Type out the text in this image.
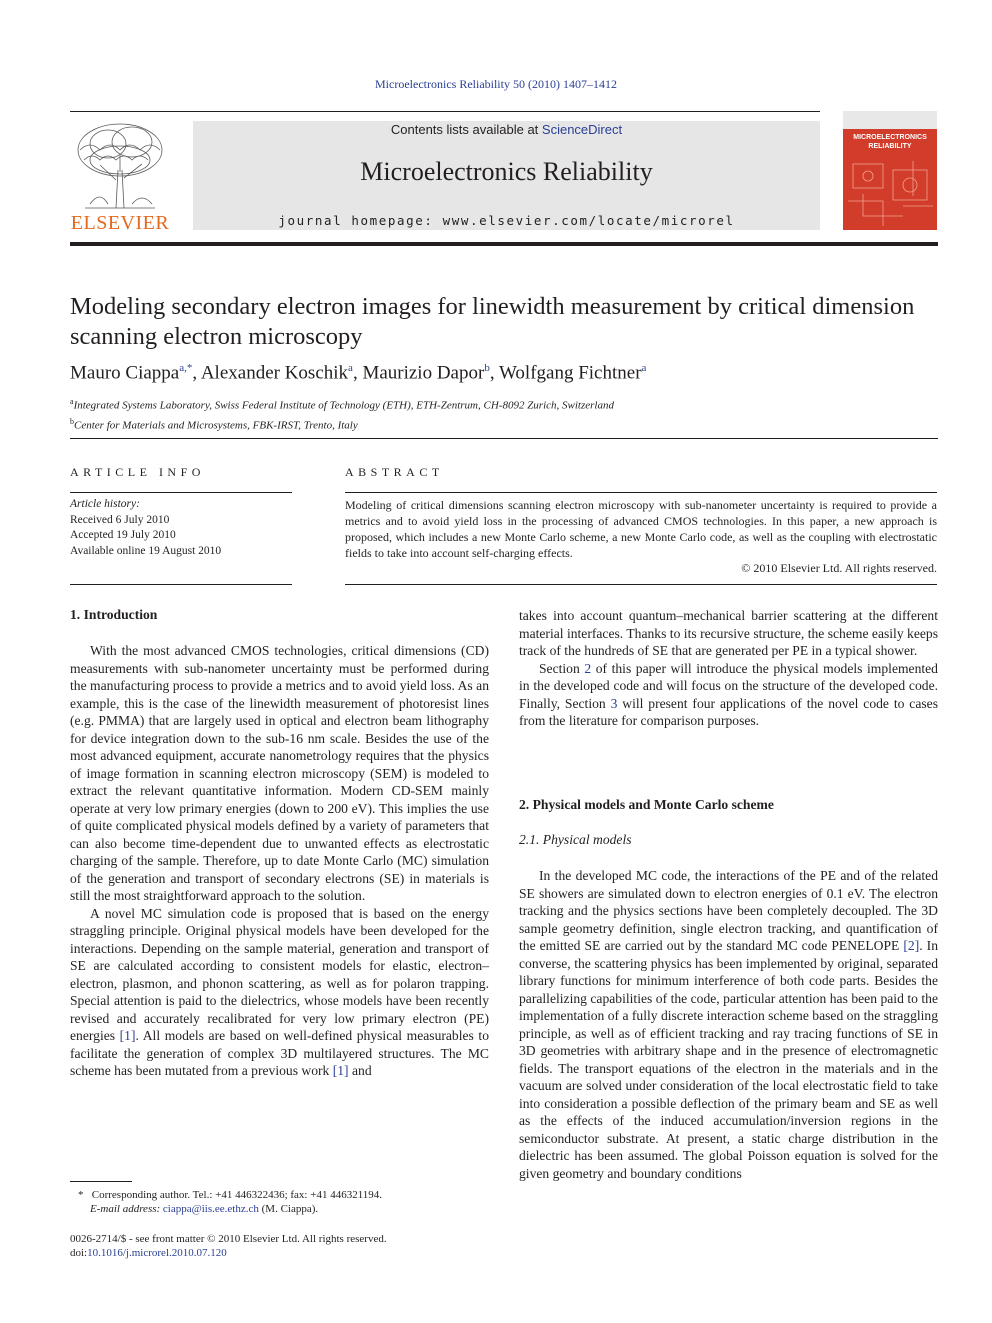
Microelectronics Reliability 50 (2010) 1407–1412
ELSEVIER
Contents lists available at ScienceDirect
Microelectronics Reliability
journal homepage: www.elsevier.com/locate/microrel
MICROELECTRONICS
RELIABILITY
Modeling secondary electron images for linewidth measurement by critical dimension scanning electron microscopy
Mauro Ciappa$^{a,*}$, Alexander Koschik$^a$, Maurizio Dapor$^b$, Wolfgang Fichtner$^a$
$^a$Integrated Systems Laboratory, Swiss Federal Institute of Technology (ETH), ETH-Zentrum, CH-8092 Zurich, Switzerland
$^b$Center for Materials and Microsystems, FBK-IRST, Trento, Italy
ARTICLE INFO
Article history:
Received 6 July 2010
Accepted 19 July 2010
Available online 19 August 2010
ABSTRACT
Modeling of critical dimensions scanning electron microscopy with sub-nanometer uncertainty is required to provide a metrics and to avoid yield loss in the processing of advanced CMOS technologies. In this paper, a new approach is proposed, which includes a new Monte Carlo scheme, a new Monte Carlo code, as well as the coupling with electrostatic fields to take into account self-charging effects.
© 2010 Elsevier Ltd. All rights reserved.
1. Introduction

With the most advanced CMOS technologies, critical dimensions (CD) measurements with sub-nanometer uncertainty must be performed during the manufacturing process to provide a metrics and to avoid yield loss. As an example, this is the case of the linewidth measurement of photoresist lines (e.g. PMMA) that are largely used in optical and electron beam lithography for device integration down to the sub-16 nm scale. Besides the use of the most advanced equipment, accurate nanometrology requires that the physics of image formation in scanning electron microscopy (SEM) is modeled to extract the relevant quantitative information. Modern CD-SEM mainly operate at very low primary energies (down to 200 eV). This implies the use of quite complicated physical models defined by a variety of parameters that can also become time-dependent due to unwanted effects as electrostatic charging of the sample. Therefore, up to date Monte Carlo (MC) simulation of the generation and transport of secondary electrons (SE) in materials is still the most straightforward approach to the solution.

A novel MC simulation code is proposed that is based on the energy straggling principle. Original physical models have been developed for the interactions. Depending on the sample material, generation and transport of SE are calculated according to consistent models for elastic, electron–electron, plasmon, and phonon scattering, as well as for polaron trapping. Special attention is paid to the dielectrics, whose models have been recently revised and accurately recalibrated for very low primary electron (PE) energies [1]. All models are based on well-defined physical measurables to facilitate the generation of complex 3D multilayered structures. The MC scheme has been mutated from a previous work [1] and

takes into account quantum–mechanical barrier scattering at the different material interfaces. Thanks to its recursive structure, the scheme easily keeps track of the hundreds of SE that are generated per PE in a typical shower.

Section 2 of this paper will introduce the physical models implemented in the developed code and will focus on the structure of the developed code. Finally, Section 3 will present four applications of the novel code to cases from the literature for comparison purposes.

2. Physical models and Monte Carlo scheme
2.1. Physical models

In the developed MC code, the interactions of the PE and of the related SE showers are simulated down to electron energies of 0.1 eV. The electron tracking and the physics sections have been completely decoupled. The 3D sample geometry definition, single electron tracking, and quantification of the emitted SE are carried out by the standard MC code PENELOPE [2]. In converse, the scattering physics has been implemented by original, separated library functions for minimum interference of both code parts. Besides the parallelizing capabilities of the code, particular attention has been paid to the implementation of a fully discrete interaction scheme based on the straggling principle, as well as of efficient tracking and ray tracing functions of SE in 3D geometries with arbitrary shape and in the presence of electromagnetic fields. The transport equations of the electron in the materials and in the vacuum are solved under consideration of the local electrostatic field to take into consideration a possible deflection of the primary beam and SE as well as the effects of the induced accumulation/inversion regions in the semiconductor substrate. At present, a static charge distribution in the dielectric has been assumed. The global Poisson equation is solved for the given geometry and boundary conditions

* Corresponding author. Tel.: +41 446322436; fax: +41 446321194.
E-mail address: ciappa@iis.ee.ethz.ch (M. Ciappa).
0026-2714/$ - see front matter © 2010 Elsevier Ltd. All rights reserved.
doi:10.1016/j.microrel.2010.07.120
